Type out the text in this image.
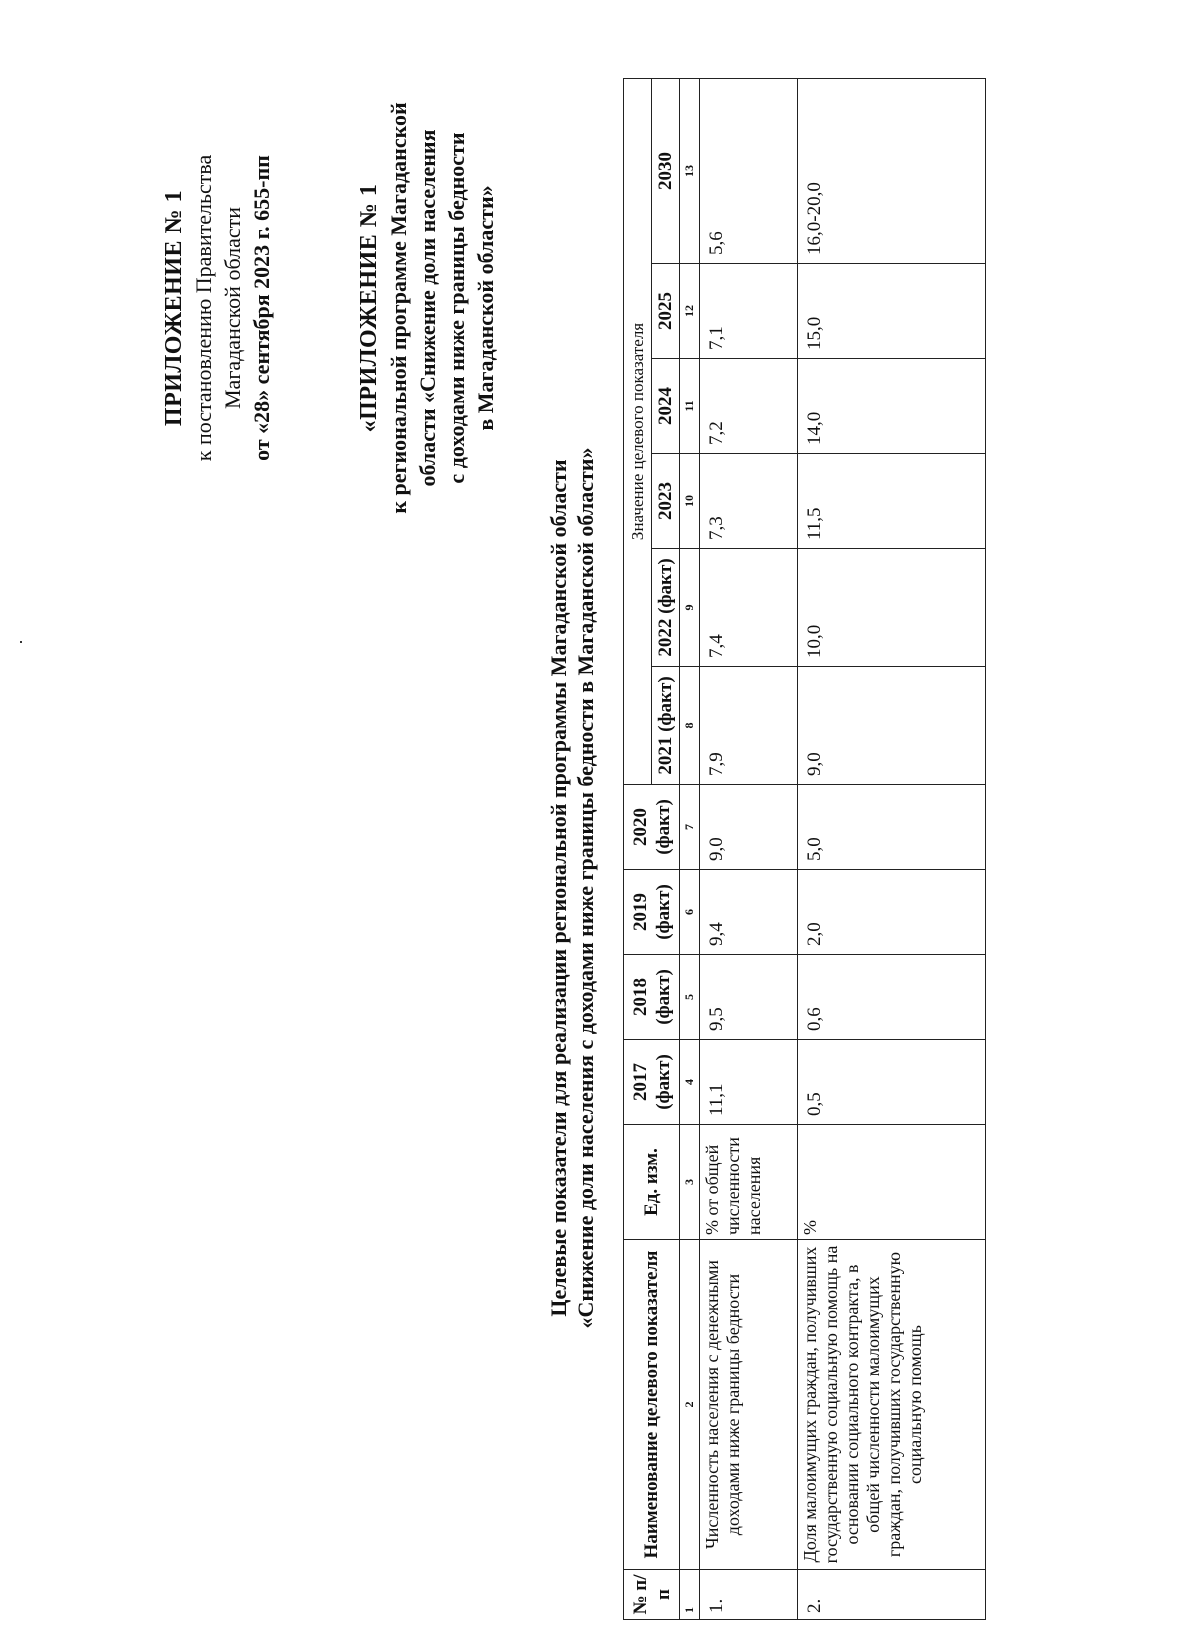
ПРИЛОЖЕНИЕ № 1 к постановлению Правительства Магаданской области от «28» сентября 2023 г. 655-пп	«ПРИЛОЖЕНИЕ № 1 к региональной программе Магаданской области «Снижение доли населения с доходами ниже границы бедности в Магаданской области»
Целевые показатели для реализации региональной программы Магаданской области «Снижение доли населения с доходами ниже границы бедности в Магаданской области»
№ п/п	Наименование целевого показателя	Ед. изм.	2017 (факт)	2018 (факт)	2019 (факт)	2020 (факт)	Значение целевого показателя					
							2021 (факт)	2022 (факт)	2023	2024	2025	2030
1	2	3	4	5	6	7	8	9	10	11	12	13
1.	Численность населения с денежными доходами ниже границы бедности	% от общей численности населения	11,1	9,5	9,4	9,0	7,9	7,4	7,3	7,2	7,1	5,6
2.	Доля малоимущих граждан, получивших государственную социальную помощь на основании социального контракта, в общей численности малоимущих граждан, получивших государственную социальную помощь	%	0,5	0,6	2,0	5,0	9,0	10,0	11,5	14,0	15,0	16,0-20,0
